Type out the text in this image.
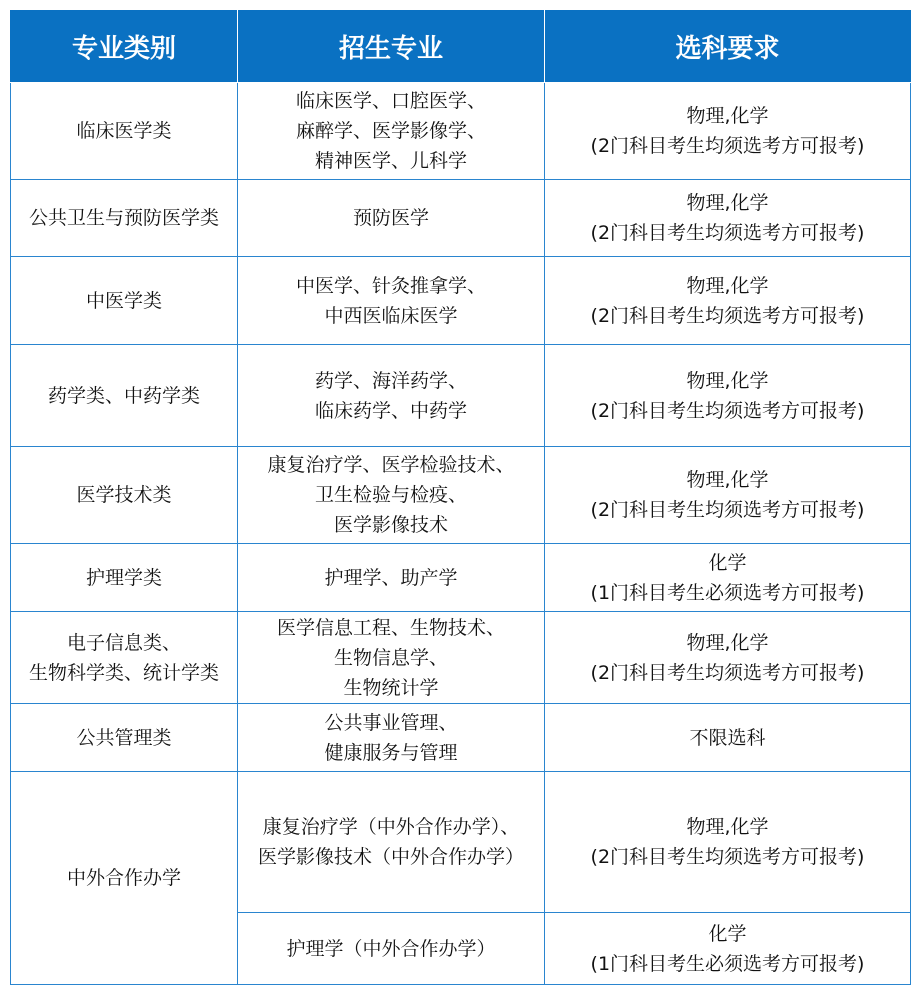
专业类别	招生专业	选科要求

临床医学类	临床医学、口腔医学、
麻醉学、医学影像学、
精神医学、儿科学	物理,化学
(2门科目考生均须选考方可报考)

公共卫生与预防医学类	预防医学	物理,化学
(2门科目考生均须选考方可报考)

中医学类	中医学、针灸推拿学、
中西医临床医学	物理,化学
(2门科目考生均须选考方可报考)

药学类、中药学类	药学、海洋药学、
临床药学、中药学	物理,化学
(2门科目考生均须选考方可报考)

医学技术类	康复治疗学、医学检验技术、
卫生检验与检疫、
医学影像技术	物理,化学
(2门科目考生均须选考方可报考)

护理学类	护理学、助产学	化学
(1门科目考生必须选考方可报考)

电子信息类、
生物科学类、统计学类	医学信息工程、生物技术、
生物信息学、
生物统计学	物理,化学
(2门科目考生均须选考方可报考)

公共管理类	公共事业管理、
健康服务与管理	不限选科

中外合作办学	康复治疗学（中外合作办学）、
医学影像技术（中外合作办学）	物理,化学
(2门科目考生均须选考方可报考)

	护理学（中外合作办学）	化学
(1门科目考生必须选考方可报考)
